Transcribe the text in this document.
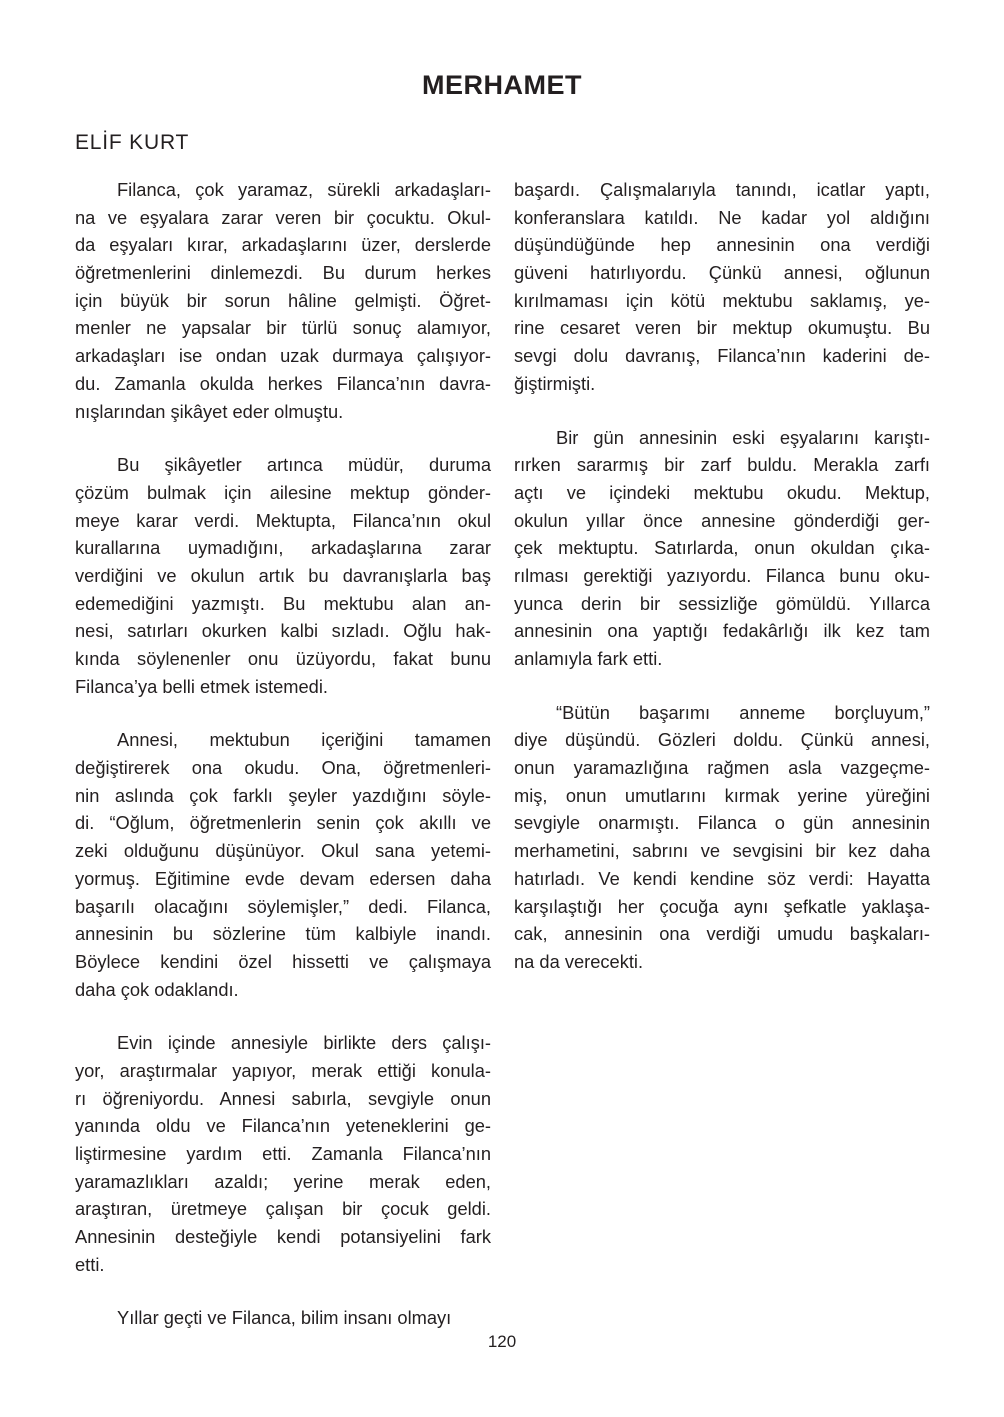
MERHAMET
ELİF KURT

Filanca, çok yaramaz, sürekli arkadaşları-
na ve eşyalara zarar veren bir çocuktu. Okul-
da eşyaları kırar, arkadaşlarını üzer, derslerde
öğretmenlerini dinlemezdi. Bu durum herkes
için büyük bir sorun hâline gelmişti. Öğret-
menler ne yapsalar bir türlü sonuç alamıyor,
arkadaşları ise ondan uzak durmaya çalışıyor-
du. Zamanla okulda herkes Filanca’nın davra-
nışlarından şikâyet eder olmuştu.

Bu şikâyetler artınca müdür, duruma
çözüm bulmak için ailesine mektup gönder-
meye karar verdi. Mektupta, Filanca’nın okul
kurallarına uymadığını, arkadaşlarına zarar
verdiğini ve okulun artık bu davranışlarla baş
edemediğini yazmıştı. Bu mektubu alan an-
nesi, satırları okurken kalbi sızladı. Oğlu hak-
kında söylenenler onu üzüyordu, fakat bunu
Filanca’ya belli etmek istemedi.

Annesi, mektubun içeriğini tamamen
değiştirerek ona okudu. Ona, öğretmenleri-
nin aslında çok farklı şeyler yazdığını söyle-
di. “Oğlum, öğretmenlerin senin çok akıllı ve
zeki olduğunu düşünüyor. Okul sana yetemi-
yormuş. Eğitimine evde devam edersen daha
başarılı olacağını söylemişler,” dedi. Filanca,
annesinin bu sözlerine tüm kalbiyle inandı.
Böylece kendini özel hissetti ve çalışmaya
daha çok odaklandı.

Evin içinde annesiyle birlikte ders çalışı-
yor, araştırmalar yapıyor, merak ettiği konula-
rı öğreniyordu. Annesi sabırla, sevgiyle onun
yanında oldu ve Filanca’nın yeteneklerini ge-
liştirmesine yardım etti. Zamanla Filanca’nın
yaramazlıkları azaldı; yerine merak eden,
araştıran, üretmeye çalışan bir çocuk geldi.
Annesinin desteğiyle kendi potansiyelini fark
etti.

Yıllar geçti ve Filanca, bilim insanı olmayı

başardı. Çalışmalarıyla tanındı, icatlar yaptı,
konferanslara katıldı. Ne kadar yol aldığını
düşündüğünde hep annesinin ona verdiği
güveni hatırlıyordu. Çünkü annesi, oğlunun
kırılmaması için kötü mektubu saklamış, ye-
rine cesaret veren bir mektup okumuştu. Bu
sevgi dolu davranış, Filanca’nın kaderini de-
ğiştirmişti.

Bir gün annesinin eski eşyalarını karıştı-
rırken sararmış bir zarf buldu. Merakla zarfı
açtı ve içindeki mektubu okudu. Mektup,
okulun yıllar önce annesine gönderdiği ger-
çek mektuptu. Satırlarda, onun okuldan çıka-
rılması gerektiği yazıyordu. Filanca bunu oku-
yunca derin bir sessizliğe gömüldü. Yıllarca
annesinin ona yaptığı fedakârlığı ilk kez tam
anlamıyla fark etti.

“Bütün başarımı anneme borçluyum,”
diye düşündü. Gözleri doldu. Çünkü annesi,
onun yaramazlığına rağmen asla vazgeçme-
miş, onun umutlarını kırmak yerine yüreğini
sevgiyle onarmıştı. Filanca o gün annesinin
merhametini, sabrını ve sevgisini bir kez daha
hatırladı. Ve kendi kendine söz verdi: Hayatta
karşılaştığı her çocuğa aynı şefkatle yaklaşa-
cak, annesinin ona verdiği umudu başkaları-
na da verecekti.

120
